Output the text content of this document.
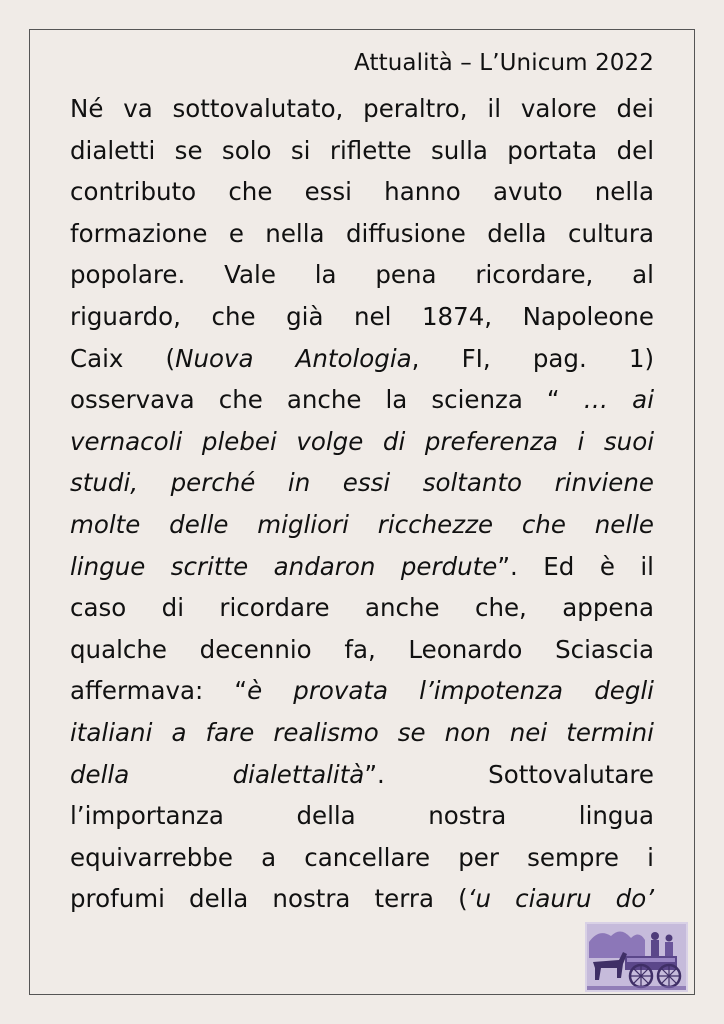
Attualità – L’Unicum 2022
Né va sottovalutato, peraltro, il valore dei
dialetti se solo si riflette sulla portata del
contributo che essi hanno avuto nella
formazione e nella diffusione della cultura
popolare. Vale la pena ricordare, al
riguardo, che già nel 1874, Napoleone
Caix (Nuova Antologia, FI, pag. 1)
osservava che anche la scienza “ … ai
vernacoli plebei volge di preferenza i suoi
studi, perché in essi soltanto rinviene
molte delle migliori ricchezze che nelle
lingue scritte andaron perdute”. Ed è il
caso di ricordare anche che, appena
qualche decennio fa, Leonardo Sciascia
affermava: “è provata l’impotenza degli
italiani a fare realismo se non nei termini
della dialettalità”. Sottovalutare
l’importanza della nostra lingua
equivarrebbe a cancellare per sempre i
profumi della nostra terra (‘u ciauru do’
